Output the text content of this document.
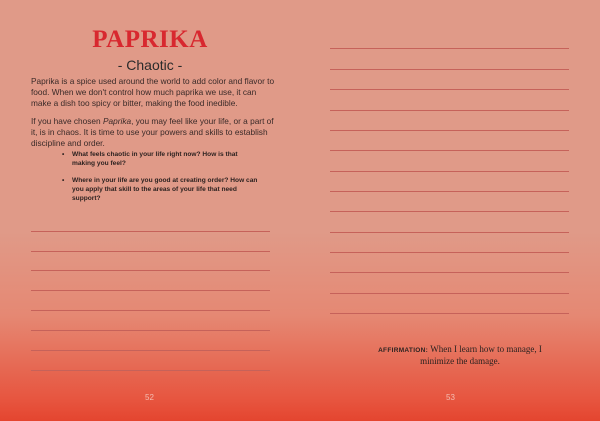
PAPRIKA
- Chaotic -

Paprika is a spice used around the world to add color and flavor to food. When we don't control how much paprika we use, it can make a dish too spicy or bitter, making the food inedible.

If you have chosen Paprika, you may feel like your life, or a part of it, is in chaos. It is time to use your powers and skills to establish discipline and order.

• What feels chaotic in your life right now? How is that making you feel?
• Where in your life are you good at creating order? How can you apply that skill to the areas of your life that need support?
52	53
AFFIRMATION: When I learn how to manage, I minimize the damage.
